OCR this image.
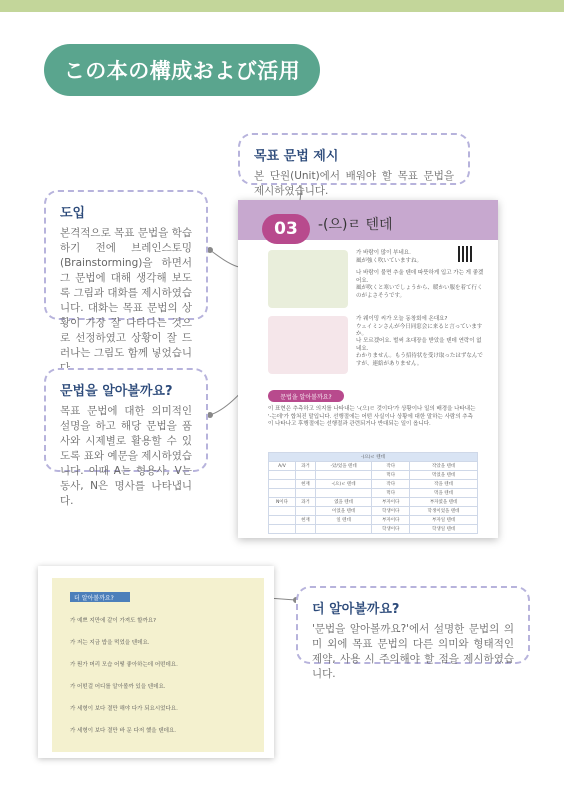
この本の構成および活用
목표 문법 제시

본 단원(Unit)에서 배워야 할 목표 문법을 제시하였습니다.

도입

본격적으로 목표 문법을 학습하기 전에 브레인스토밍(Brainstorming)을 하면서 그 문법에 대해 생각해 보도록 그림과 대화를 제시하였습니다. 대화는 목표 문법의 상황이 가장 잘 나타나는 것으로 선정하였고 상황이 잘 드러나는 그림도 함께 넣었습니

문법을 알아볼까요?

목표 문법에 대한 의미적인 설명을 하고 해당 문법을 품사와 시제별로 활용할 수 있도록 표와 예문을 제시하였습니다. 이때 A는 형용사, V는 동사, N은 명사를 나타냅니다.

더 알아볼까요?

'문법을 알아볼까요?'에서 설명한 문법의 의미 외에 목표 문법의 다른 의미와 형태적인 제약, 사용 시 주의해야 할 점을 제시하였습니다.

03	-(으)ㄹ 텐데
가 바람이 많이 부네요.
風が強く吹いていますね。
나 바람이 불면 추울 텐데 따뜻하게 입고 가는 게 좋겠어요.
風が吹くと寒いでしょうから、暖かい服を着て行くのがよさそうです。
가 웨이밍 씨가 오늘 동창회에 온대요?
ウェイミンさんが今日同窓会に来ると言っていますか。
나 모르겠어요. 벌써 초대장을 받았을 텐데 연락이 없네요.
わかりません。もう招待状を受け取ったはずなんですが、連絡がありません。
문법을 알아볼까요?
이 표현은 추측하고 의지를 나타내는 '-(으)ㄹ 것이다'가 상황이나 일의 배경을 나타내는 '-는데'가 합쳐진 말입니다. 선행절에는 어떤 사실이나 상황에 대한 말하는 사람의 추측이 나타나고 후행절에는 선행절과 관련되거나 반대되는 일이 옵니다.
-(으)ㄹ 텐데				
A/V	과거	-았/었을 텐데	작다	작았을 텐데
			먹다	먹었을 텐데
	현재	-(으)ㄹ 텐데	작다	작을 텐데
			먹다	먹을 텐데
N이다	과거	였을 텐데	부자이다	부자였을 텐데
		이었을 텐데	학생이다	학생이었을 텐데
	현재	일 텐데	부자이다	부자일 텐데
			학생이다	학생일 텐데
더 알아볼까요?
가 예쁘 지만에 같이 가져도 할까요?
가 저는 지금 밥을 먹었을 텐데요.
가 뭔가 머리 모습 어떻 좋아하는데 어떤데요.
가 어떤걸 어디를 알아볼까 있을 텐데요.
가 세형이 보다 결만 해야 다가 되요시었다요.
가 세형이 보다 결만 바 문 다저 했을 텐데요.
